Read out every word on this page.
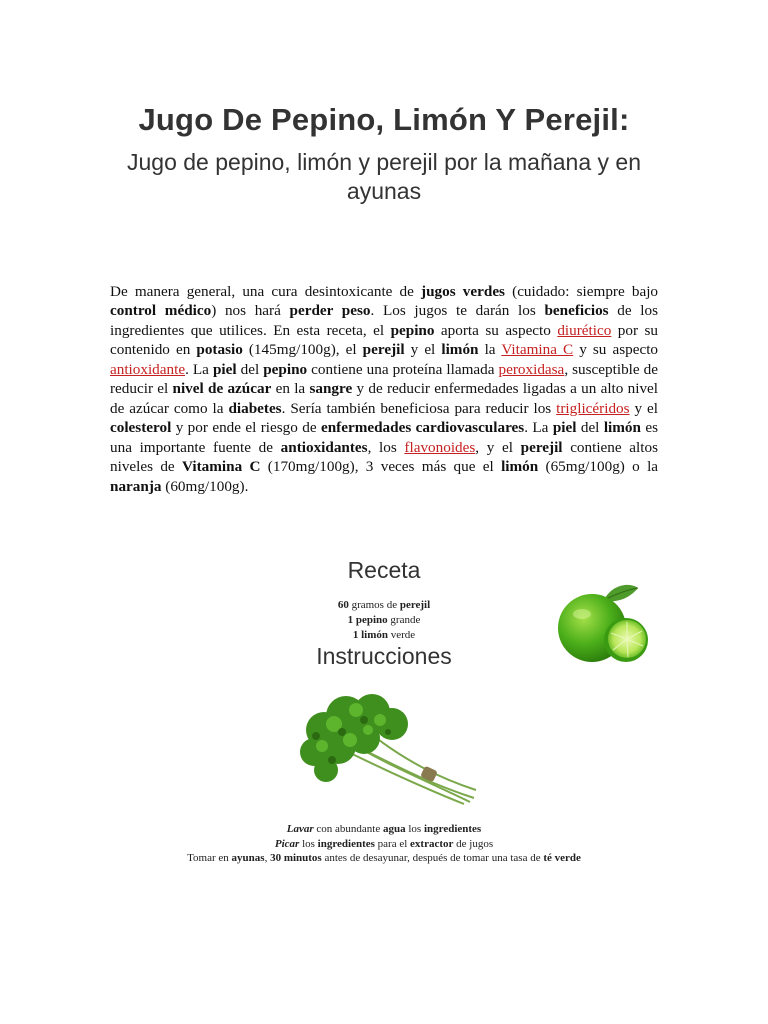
Jugo De Pepino, Limón Y Perejil:

Jugo de pepino, limón y perejil por la mañana y en ayunas

De manera general, una cura desintoxicante de jugos verdes (cuidado: siempre bajo control médico) nos hará perder peso. Los jugos te darán los beneficios de los ingredientes que utilices. En esta receta, el pepino aporta su aspecto diurético por su contenido en potasio (145mg/100g), el perejil y el limón la Vitamina C y su aspecto antioxidante. La piel del pepino contiene una proteína llamada peroxidasa, susceptible de reducir el nivel de azúcar en la sangre y de reducir enfermedades ligadas a un alto nivel de azúcar como la diabetes. Sería también beneficiosa para reducir los triglicéridos y el colesterol y por ende el riesgo de enfermedades cardiovasculares. La piel del limón es una importante fuente de antioxidantes, los flavonoides, y el perejil contiene altos niveles de Vitamina C (170mg/100g), 3 veces más que el limón (65mg/100g) o la naranja (60mg/100g).

Receta
60 gramos de perejil
1 pepino grande
1 limón verde
Instrucciones
Lavar con abundante agua los ingredientes
Picar los ingredientes para el extractor de jugos
Tomar en ayunas, 30 minutos antes de desayunar, después de tomar una tasa de té verde
